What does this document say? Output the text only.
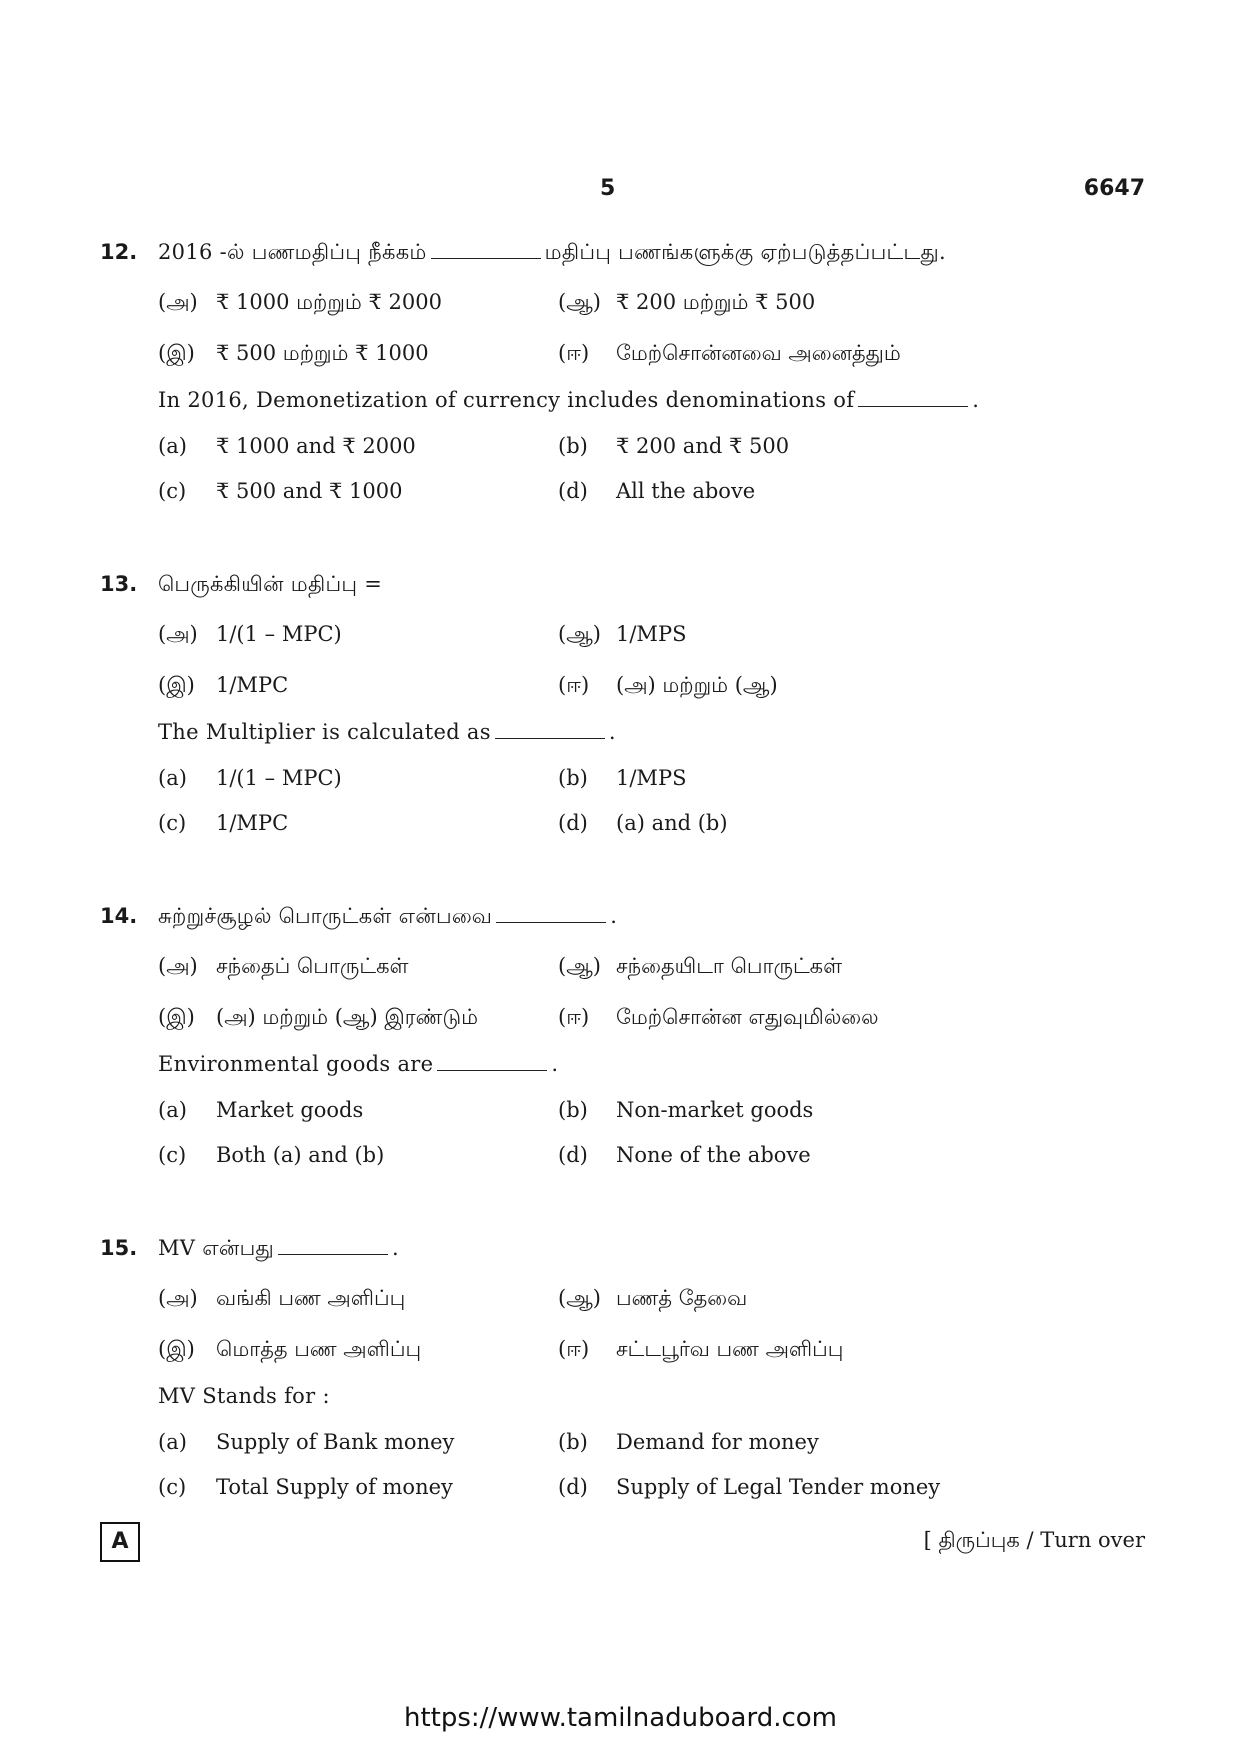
5	6647
12. 2016 -ல் பணமதிப்பு நீக்கம்	மதிப்பு பணங்களுக்கு ஏற்படுத்தப்பட்டது.
(அ) ₹ 1000 மற்றும் ₹ 2000	(ஆ) ₹ 200 மற்றும் ₹ 500
(இ) ₹ 500 மற்றும் ₹ 1000	(ஈ) மேற்சொன்னவை அனைத்தும்
In 2016, Demonetization of currency includes denominations of	.
(a) ₹ 1000 and ₹ 2000	(b) ₹ 200 and ₹ 500
(c) ₹ 500 and ₹ 1000	(d) All the above
13. பெருக்கியின் மதிப்பு =
(அ) 1/(1 – MPC)	(ஆ) 1/MPS
(இ) 1/MPC	(ஈ) (அ) மற்றும் (ஆ)
The Multiplier is calculated as	.
(a) 1/(1 – MPC)	(b) 1/MPS
(c) 1/MPC	(d) (a) and (b)
14. சுற்றுச்சூழல் பொருட்கள் என்பவை	.
(அ) சந்தைப் பொருட்கள்	(ஆ) சந்தையிடா பொருட்கள்
(இ) (அ) மற்றும் (ஆ) இரண்டும்	(ஈ) மேற்சொன்ன எதுவுமில்லை
Environmental goods are	.
(a) Market goods	(b) Non-market goods
(c) Both (a) and (b)	(d) None of the above
15. MV என்பது	.
(அ) வங்கி பண அளிப்பு	(ஆ) பணத் தேவை
(இ) மொத்த பண அளிப்பு	(ஈ) சட்டபூர்வ பண அளிப்பு
MV Stands for :
(a) Supply of Bank money	(b) Demand for money
(c) Total Supply of money	(d) Supply of Legal Tender money
A	[ திருப்புக / Turn over
https://www.tamilnaduboard.com
